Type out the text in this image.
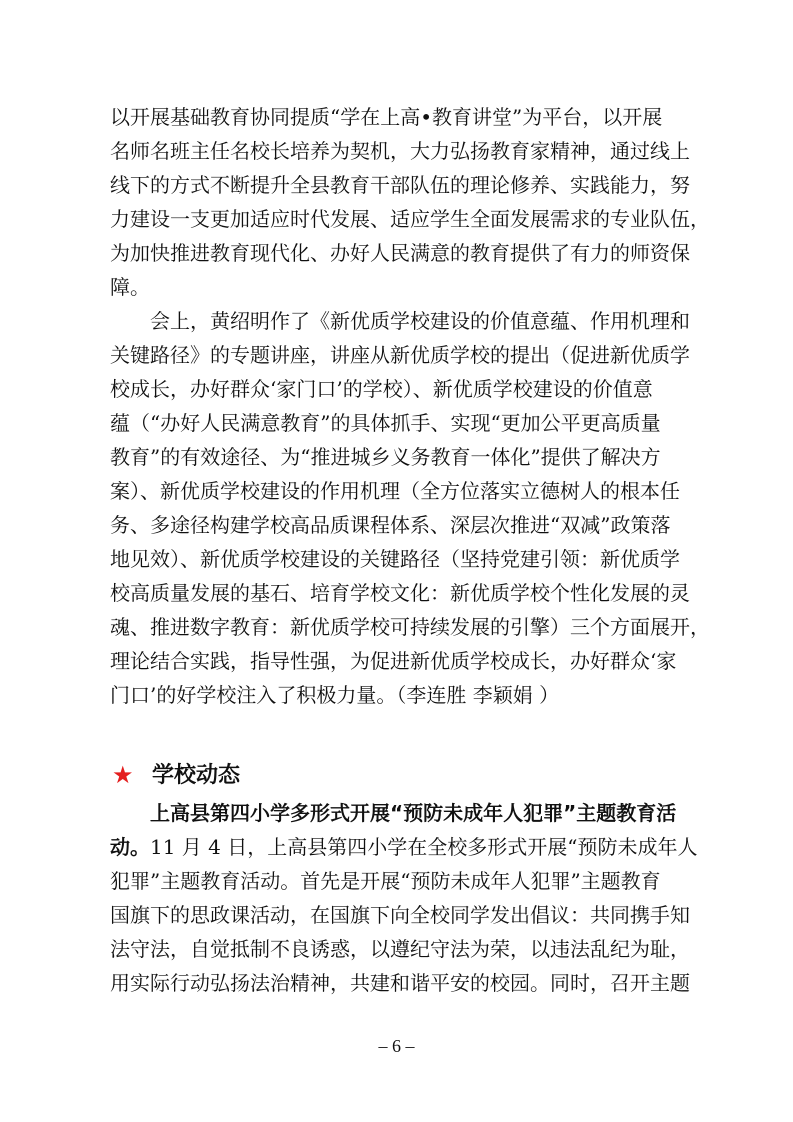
以开展基础教育协同提质“学在上高•教育讲堂”为平台，以开展
名师名班主任名校长培养为契机，大力弘扬教育家精神，通过线上
线下的方式不断提升全县教育干部队伍的理论修养、实践能力，努
力建设一支更加适应时代发展、适应学生全面发展需求的专业队伍，
为加快推进教育现代化、办好人民满意的教育提供了有力的师资保
障。
会上，黄绍明作了《新优质学校建设的价值意蕴、作用机理和
关键路径》的专题讲座，讲座从新优质学校的提出（促进新优质学
校成长，办好群众‘家门口’的学校）、新优质学校建设的价值意
蕴（“办好人民满意教育”的具体抓手、实现“更加公平更高质量
教育”的有效途径、为“推进城乡义务教育一体化”提供了解决方
案）、新优质学校建设的作用机理（全方位落实立德树人的根本任
务、多途径构建学校高品质课程体系、深层次推进“双减”政策落
地见效）、新优质学校建设的关键路径（坚持党建引领：新优质学
校高质量发展的基石、培育学校文化：新优质学校个性化发展的灵
魂、推进数字教育：新优质学校可持续发展的引擎）三个方面展开，
理论结合实践，指导性强，为促进新优质学校成长，办好群众‘家
门口’的好学校注入了积极力量。（李连胜 李颖娟 ）
★ 学校动态
上高县第四小学多形式开展“预防未成年人犯罪”主题教育活
动。11 月 4 日，上高县第四小学在全校多形式开展“预防未成年人
犯罪”主题教育活动。首先是开展“预防未成年人犯罪”主题教育
国旗下的思政课活动，在国旗下向全校同学发出倡议：共同携手知
法守法，自觉抵制不良诱惑，以遵纪守法为荣，以违法乱纪为耻，
用实际行动弘扬法治精神，共建和谐平安的校园。同时，召开主题
– 6 –
